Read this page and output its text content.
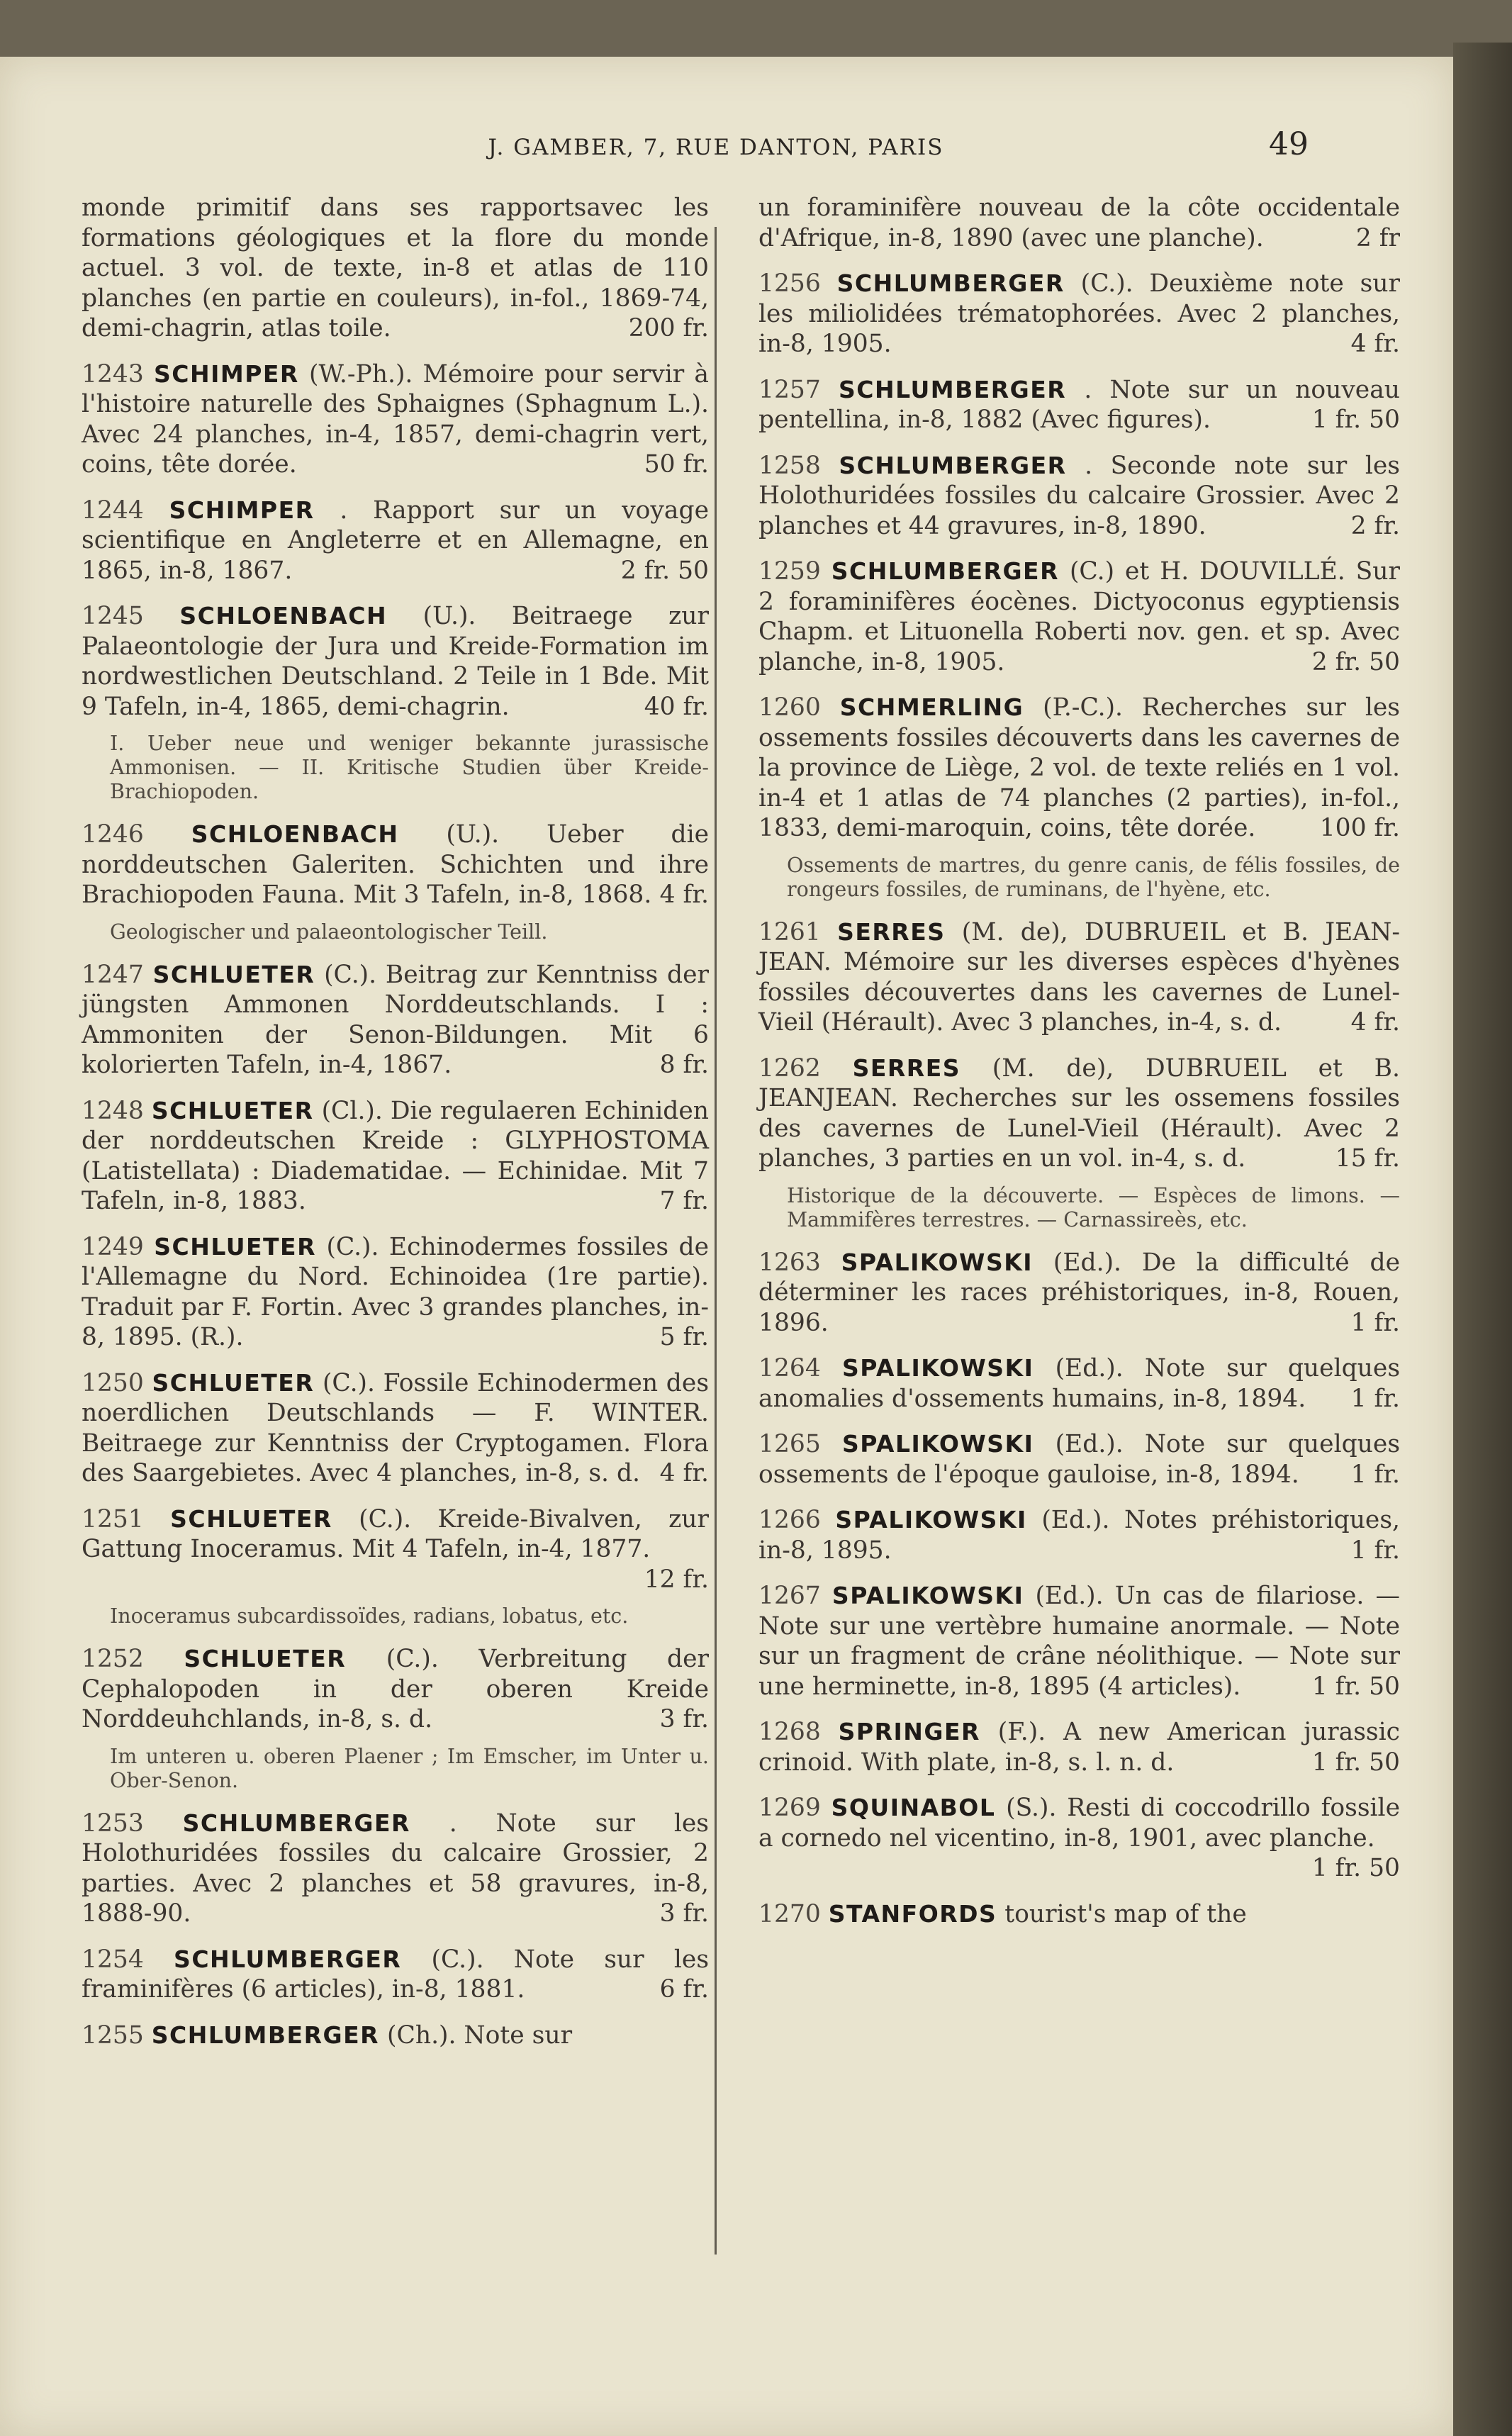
J. GAMBER, 7, RUE DANTON, PARIS	49
monde primitif dans ses rapportsavec les formations géologiques et la flore du monde actuel. 3 vol. de texte, in-8 et atlas de 110 planches (en partie en couleurs), in-fol., 1869-74, demi-chagrin, atlas toile.	200 fr.
1243 SCHIMPER (W.-Ph.). Mémoire pour servir à l'histoire naturelle des Sphaignes (Sphagnum L.). Avec 24 planches, in-4, 1857, demi-chagrin vert, coins, tête dorée.	50 fr.
1244 SCHIMPER . Rapport sur un voyage scientifique en Angleterre et en Allemagne, en 1865, in-8, 1867.	2 fr. 50
1245 SCHLOENBACH (U.). Beitraege zur Palaeontologie der Jura und Kreide-Formation im nordwestlichen Deutschland. 2 Teile in 1 Bde. Mit 9 Tafeln, in-4, 1865, demi-chagrin.	40 fr.
I. Ueber neue und weniger bekannte jurassische Ammonisen. — II. Kritische Studien über Kreide-Brachiopoden.
1246 SCHLOENBACH (U.). Ueber die norddeutschen Galeriten. Schichten und ihre Brachiopoden Fauna. Mit 3 Tafeln, in-8, 1868. 4 fr.
Geologischer und palaeontologischer Teill.
1247 SCHLUETER (C.). Beitrag zur Kenntniss der jüngsten Ammonen Norddeutschlands. I : Ammoniten der Senon-Bildungen. Mit 6 kolorierten Tafeln, in-4, 1867.	8 fr.
1248 SCHLUETER (Cl.). Die regulaeren Echiniden der norddeutschen Kreide : GLYPHOSTOMA (Latistellata) : Diadematidae. — Echinidae. Mit 7 Tafeln, in-8, 1883.	7 fr.
1249 SCHLUETER (C.). Echinodermes fossiles de l'Allemagne du Nord. Echinoidea (1re partie). Traduit par F. Fortin. Avec 3 grandes planches, in-8, 1895. (R.).	5 fr.
1250 SCHLUETER (C.). Fossile Echinodermen des noerdlichen Deutschlands — F. WINTER. Beitraege zur Kenntniss der Cryptogamen. Flora des Saargebietes. Avec 4 planches, in-8, s. d. 4 fr.
1251 SCHLUETER (C.). Kreide-Bivalven, zur Gattung Inoceramus. Mit 4 Tafeln, in-4, 1877.
12 fr.
Inoceramus subcardissoïdes, radians, lobatus, etc.
1252 SCHLUETER (C.). Verbreitung der Cephalopoden in der oberen Kreide Norddeuhchlands, in-8, s. d.	3 fr.
Im unteren u. oberen Plaener ; Im Emscher, im Unter u. Ober-Senon.
1253 SCHLUMBERGER . Note sur les Holothuridées fossiles du calcaire Grossier, 2 parties. Avec 2 planches et 58 gravures, in-8, 1888-90.	3 fr.
1254 SCHLUMBERGER (C.). Note sur les framinifères (6 articles), in-8, 1881.	6 fr.
1255 SCHLUMBERGER (Ch.). Note sur
un foraminifère nouveau de la côte occidentale d'Afrique, in-8, 1890 (avec une planche).	2 fr
1256 SCHLUMBERGER (C.). Deuxième note sur les miliolidées trématophorées. Avec 2 planches, in-8, 1905.	4 fr.
1257 SCHLUMBERGER . Note sur un nouveau pentellina, in-8, 1882 (Avec figures).	1 fr. 50
1258 SCHLUMBERGER . Seconde note sur les Holothuridées fossiles du calcaire Grossier. Avec 2 planches et 44 gravures, in-8, 1890.	2 fr.
1259 SCHLUMBERGER (C.) et H. DOUVILLÉ. Sur 2 foraminifères éocènes. Dictyoconus egyptiensis Chapm. et Lituonella Roberti nov. gen. et sp. Avec planche, in-8, 1905.	2 fr. 50
1260 SCHMERLING (P.-C.). Recherches sur les ossements fossiles découverts dans les cavernes de la province de Liège, 2 vol. de texte reliés en 1 vol. in-4 et 1 atlas de 74 planches (2 parties), in-fol., 1833, demi-maroquin, coins, tête dorée.	100 fr.
Ossements de martres, du genre canis, de félis fossiles, de rongeurs fossiles, de ruminans, de l'hyène, etc.
1261 SERRES (M. de), DUBRUEIL et B. JEAN-JEAN. Mémoire sur les diverses espèces d'hyènes fossiles découvertes dans les cavernes de Lunel-Vieil (Hérault). Avec 3 planches, in-4, s. d.	4 fr.
1262 SERRES (M. de), DUBRUEIL et B. JEANJEAN. Recherches sur les ossemens fossiles des cavernes de Lunel-Vieil (Hérault). Avec 2 planches, 3 parties en un vol. in-4, s. d.	15 fr.
Historique de la découverte. — Espèces de limons. — Mammifères terrestres. — Carnassireès, etc.
1263 SPALIKOWSKI (Ed.). De la difficulté de déterminer les races préhistoriques, in-8, Rouen, 1896.	1 fr.
1264 SPALIKOWSKI (Ed.). Note sur quelques anomalies d'ossements humains, in-8, 1894. 1 fr.
1265 SPALIKOWSKI (Ed.). Note sur quelques ossements de l'époque gauloise, in-8, 1894. 1 fr.
1266 SPALIKOWSKI (Ed.). Notes préhistoriques, in-8, 1895.	1 fr.
1267 SPALIKOWSKI (Ed.). Un cas de filariose. — Note sur une vertèbre humaine anormale. — Note sur un fragment de crâne néolithique. — Note sur une herminette, in-8, 1895 (4 articles).	1 fr. 50
1268 SPRINGER (F.). A new American jurassic crinoid. With plate, in-8, s. l. n. d.	1 fr. 50
1269 SQUINABOL (S.). Resti di coccodrillo fossile a cornedo nel vicentino, in-8, 1901, avec planche.
1 fr. 50
1270 STANFORDS tourist's map of the
